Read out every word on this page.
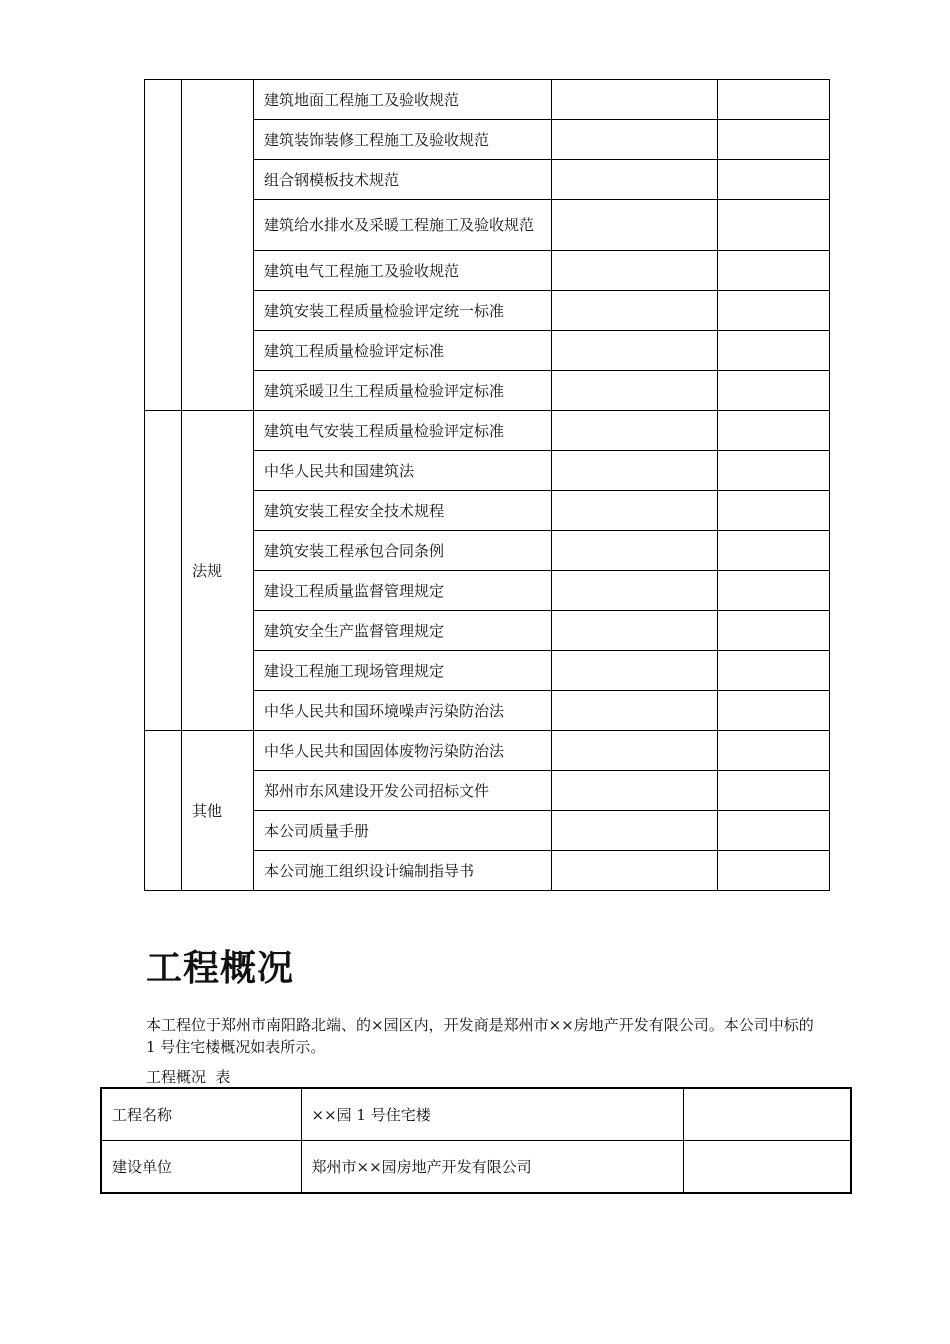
		建筑地面工程施工及验收规范		
		建筑装饰装修工程施工及验收规范		
		组合钢模板技术规范		
		建筑给水排水及采暖工程施工及验收规范		
		建筑电气工程施工及验收规范		
		建筑安装工程质量检验评定统一标准		
		建筑工程质量检验评定标准		
		建筑采暖卫生工程质量检验评定标准		
	法规	建筑电气安装工程质量检验评定标准		
		中华人民共和国建筑法		
		建筑安装工程安全技术规程		
		建筑安装工程承包合同条例		
		建设工程质量监督管理规定		
		建筑安全生产监督管理规定		
		建设工程施工现场管理规定		
		中华人民共和国环境噪声污染防治法		
	其他	中华人民共和国固体废物污染防治法		
		郑州市东风建设开发公司招标文件		
		本公司质量手册		
		本公司施工组织设计编制指导书		
工程概况

本工程位于郑州市南阳路北端、的×园区内，开发商是郑州市××房地产开发有限公司。本公司中标的 1 号住宅楼概况如表所示。

工程概况  表

工程名称	××园 1 号住宅楼	
建设单位	郑州市××园房地产开发有限公司	
